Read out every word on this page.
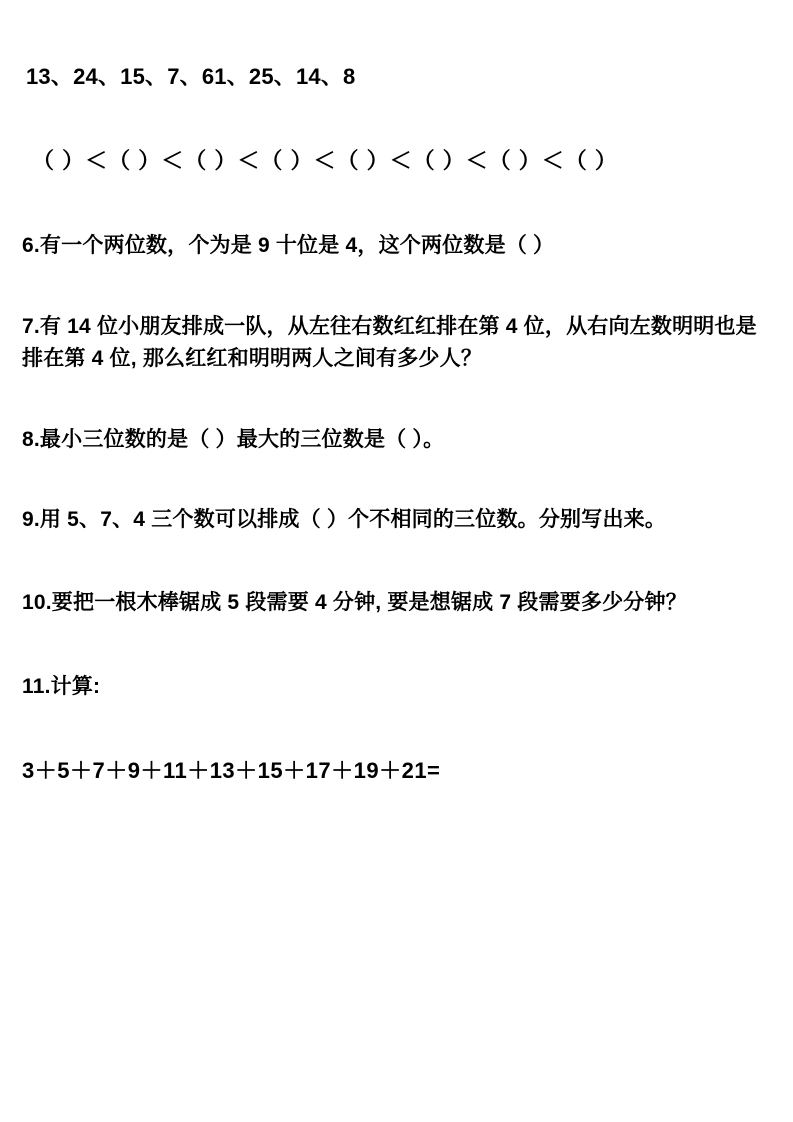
13、24、15、7、61、25、14、8
（ ）＜（ ）＜（ ）＜（ ）＜（ ）＜（ ）＜（ ）＜（ ）
6.有一个两位数，个为是 9 十位是 4，这个两位数是（ ）
7.有 14 位小朋友排成一队，从左往右数红红排在第 4 位，从右向左数明明也是排在第 4 位, 那么红红和明明两人之间有多少人？
8.最小三位数的是（ ）最大的三位数是（ ）。
9.用 5、7、4 三个数可以排成（ ）个不相同的三位数。分别写出来。
10.要把一根木棒锯成 5 段需要 4 分钟, 要是想锯成 7 段需要多少分钟？
11.计算:
3＋5＋7＋9＋11＋13＋15＋17＋19＋21=
